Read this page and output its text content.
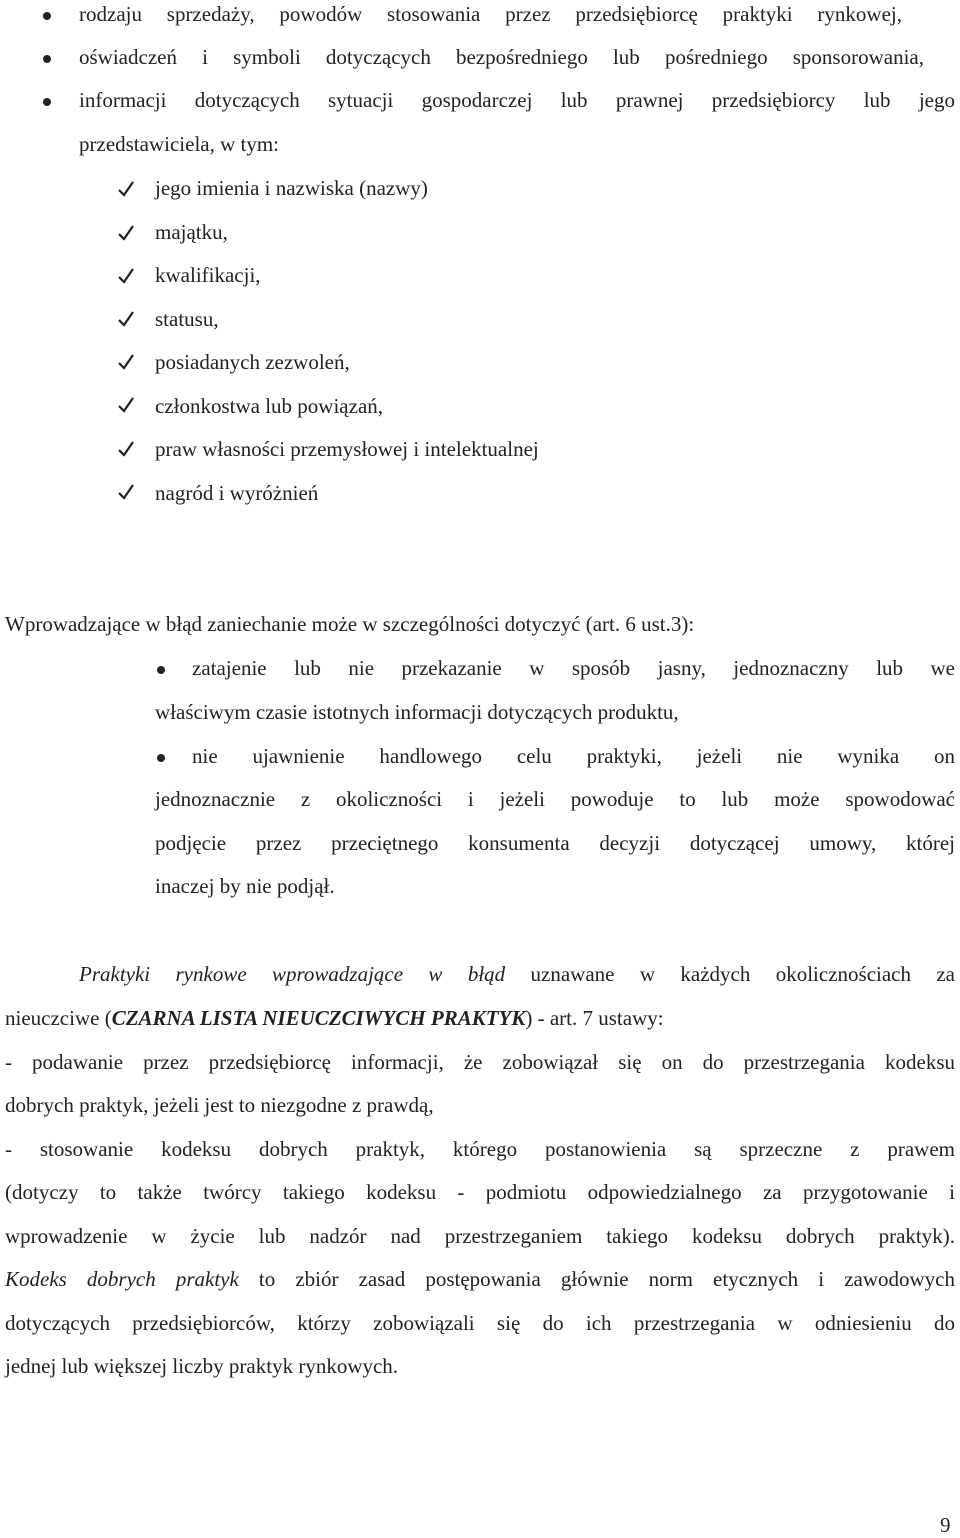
rodzaju sprzedaży, powodów stosowania przez przedsiębiorcę praktyki rynkowej,
oświadczeń i symboli dotyczących bezpośredniego lub pośredniego sponsorowania,
informacji dotyczących sytuacji gospodarczej lub prawnej przedsiębiorcy lub jego
przedstawiciela, w tym:
jego imienia i nazwiska (nazwy)
majątku,
kwalifikacji,
statusu,
posiadanych zezwoleń,
członkostwa lub powiązań,
praw własności przemysłowej i intelektualnej
nagród i wyróżnień
Wprowadzające w błąd zaniechanie może w szczególności dotyczyć (art. 6 ust.3):
zatajenie lub nie przekazanie w sposób jasny, jednoznaczny lub we
właściwym czasie istotnych informacji dotyczących produktu,
nie ujawnienie handlowego celu praktyki, jeżeli nie wynika on
jednoznacznie z okoliczności i jeżeli powoduje to lub może spowodować
podjęcie przez przeciętnego konsumenta decyzji dotyczącej umowy, której
inaczej by nie podjął.
Praktyki rynkowe wprowadzające w błąd uznawane w każdych okolicznościach za
nieuczciwe (CZARNA LISTA NIEUCZCIWYCH PRAKTYK) - art. 7 ustawy:
- podawanie przez przedsiębiorcę informacji, że zobowiązał się on do przestrzegania kodeksu
dobrych praktyk, jeżeli jest to niezgodne z prawdą,
- stosowanie kodeksu dobrych praktyk, którego postanowienia są sprzeczne z prawem
(dotyczy to także twórcy takiego kodeksu - podmiotu odpowiedzialnego za przygotowanie i
wprowadzenie w życie lub nadzór nad przestrzeganiem takiego kodeksu dobrych praktyk).
Kodeks dobrych praktyk to zbiór zasad postępowania głównie norm etycznych i zawodowych
dotyczących przedsiębiorców, którzy zobowiązali się do ich przestrzegania w odniesieniu do
jednej lub większej liczby praktyk rynkowych.
9
